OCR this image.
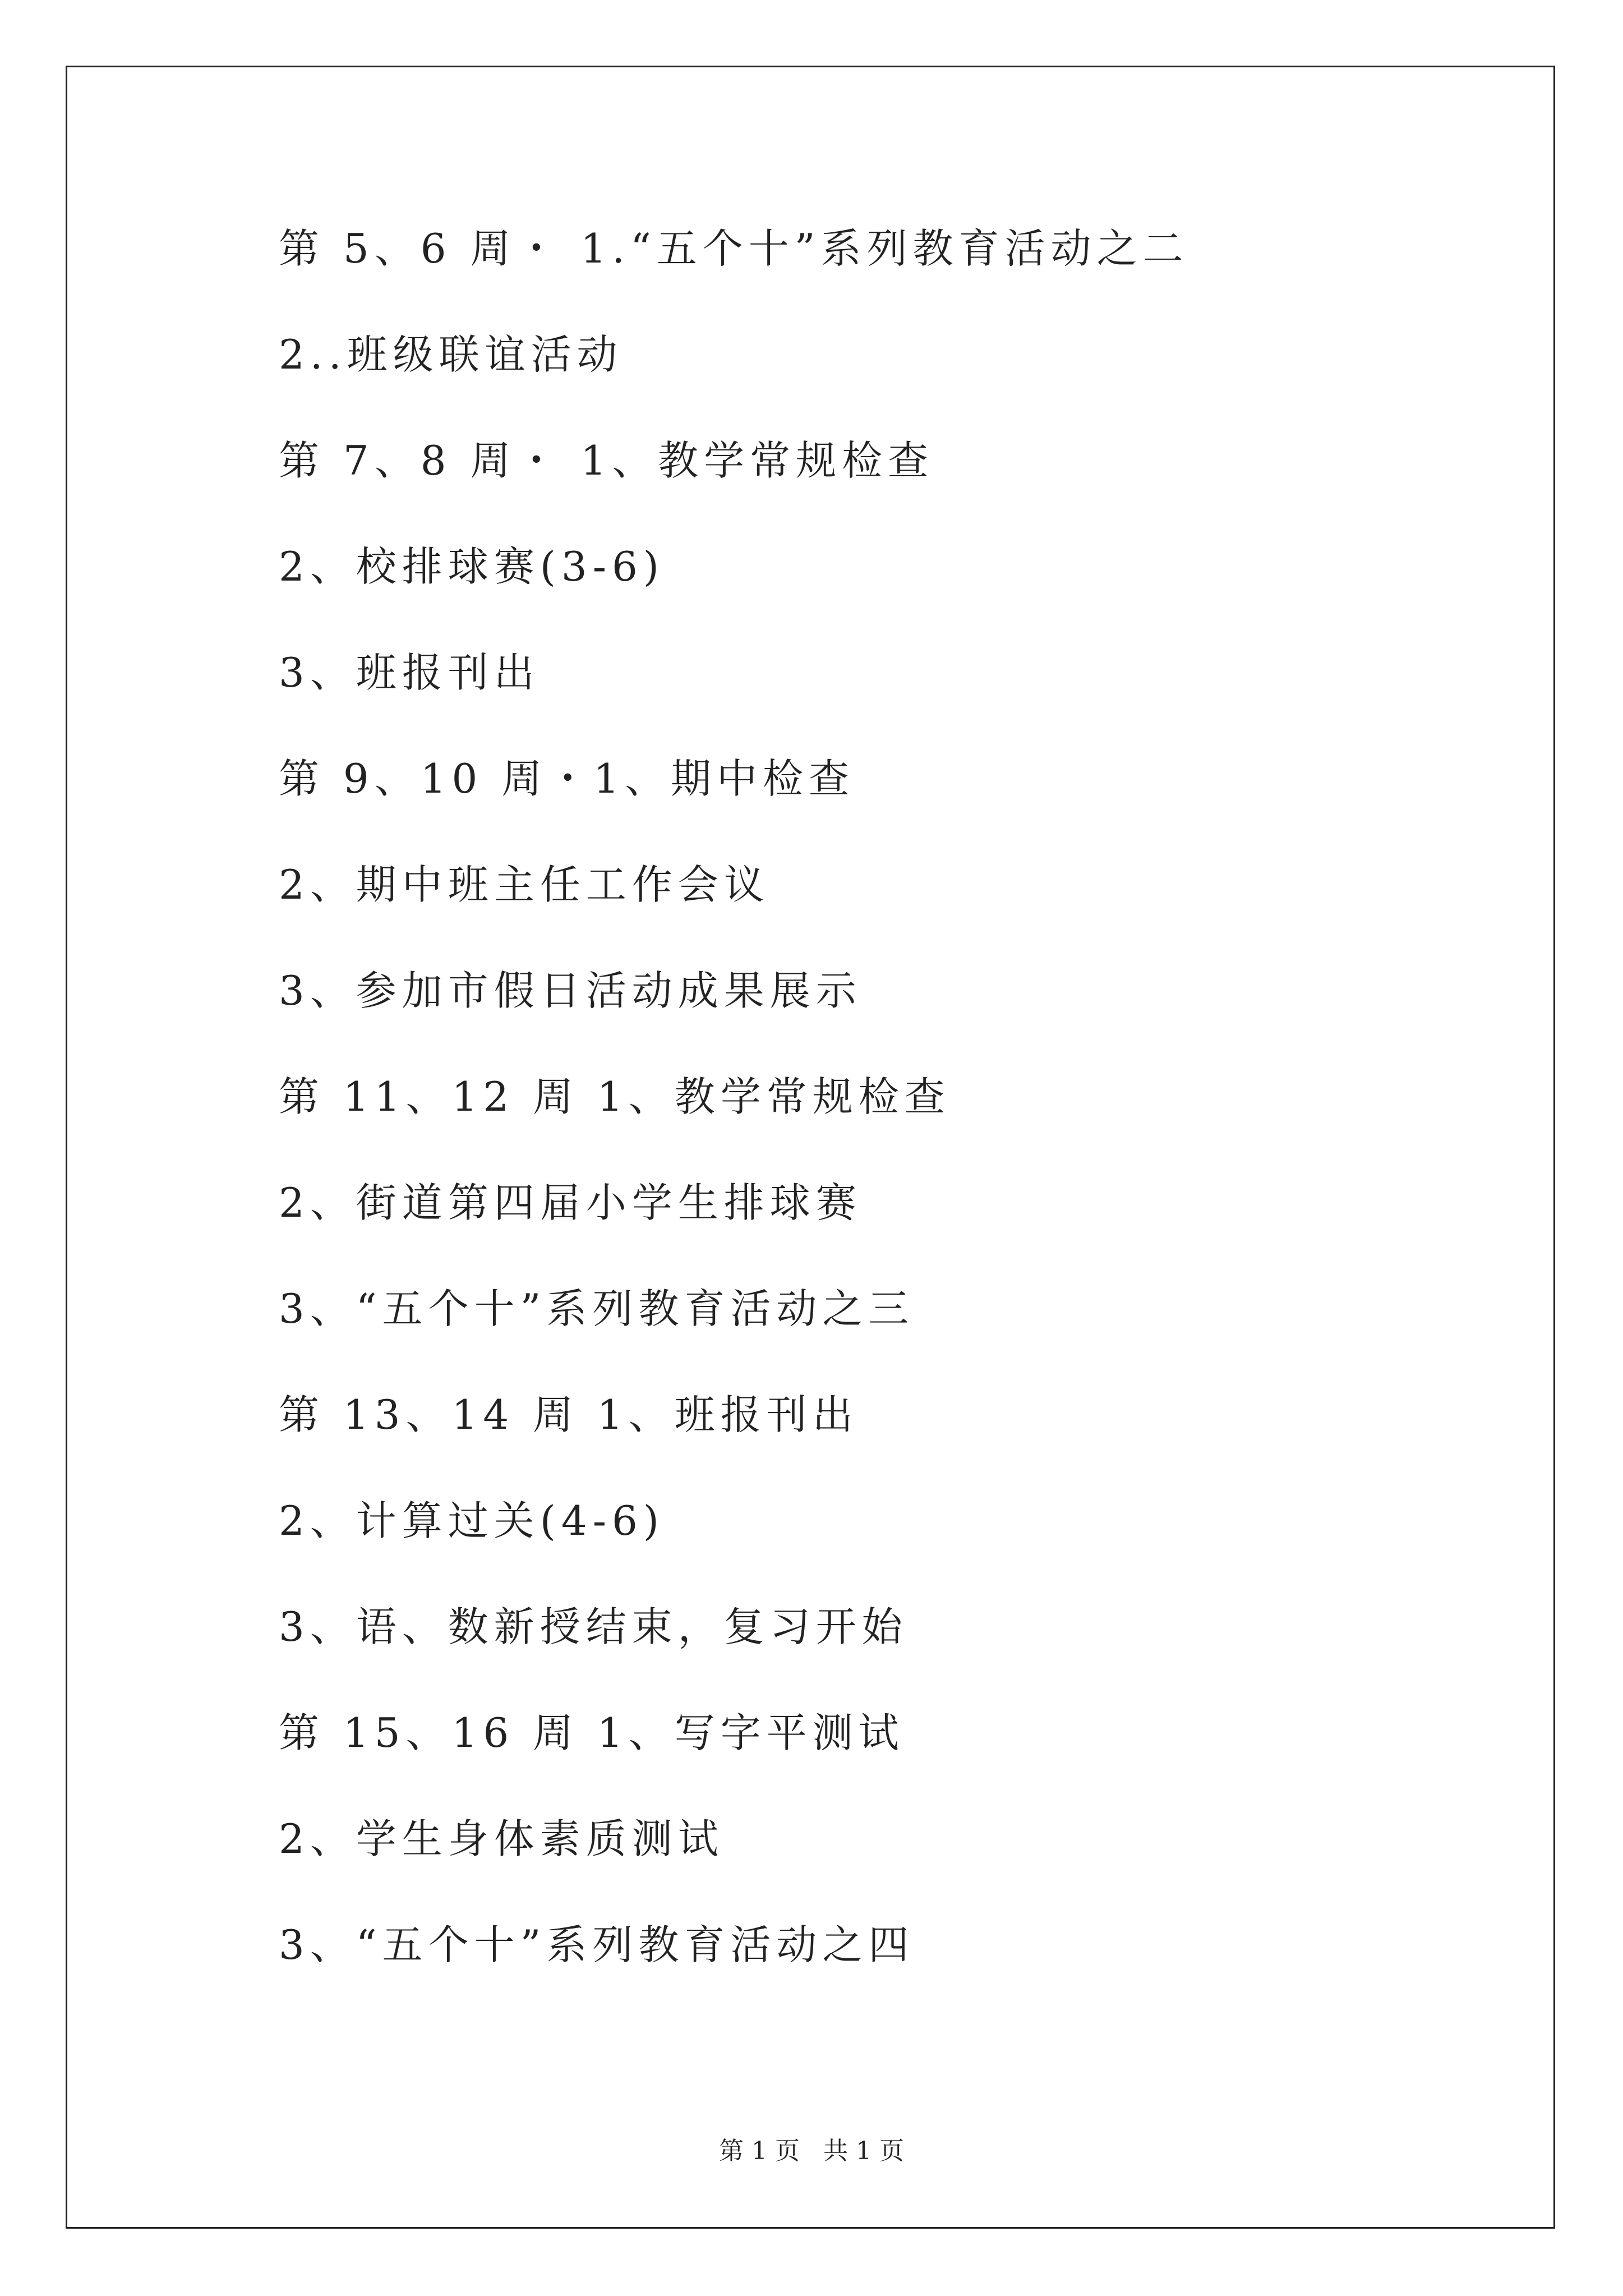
第 5、6 周・ 1.“五个十”系列教育活动之二
2..班级联谊活动
第 7、8 周・ 1、教学常规检查
2、校排球赛(3-6)
3、班报刊出
第 9、10 周・1、期中检查
2、期中班主任工作会议
3、参加市假日活动成果展示
第 11、12 周 1、教学常规检查
2、街道第四届小学生排球赛
3、“五个十”系列教育活动之三
第 13、14 周 1、班报刊出
2、计算过关(4-6)
3、语、数新授结束，复习开始
第 15、16 周 1、写字平测试
2、学生身体素质测试
3、“五个十”系列教育活动之四
第 1 页   共 1 页
